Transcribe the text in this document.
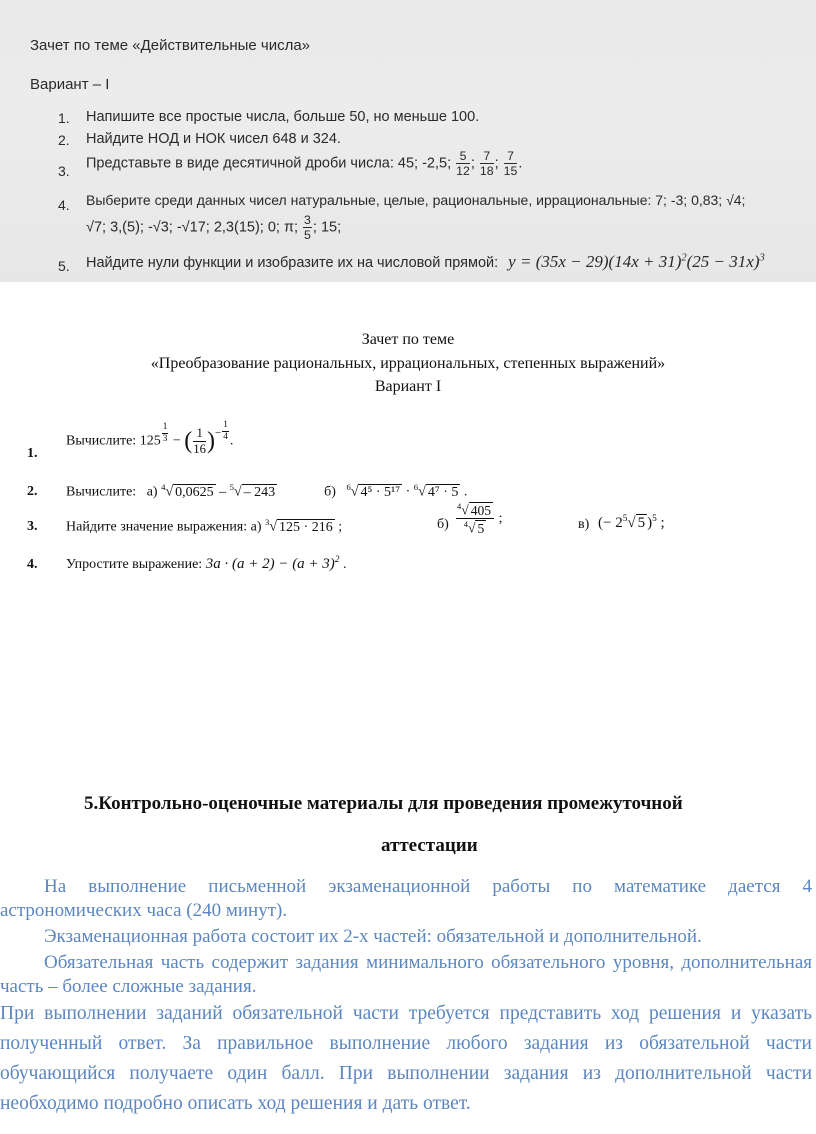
Зачет по теме «Действительные числа»
Вариант – I
1. Напишите все простые числа, больше 50, но меньше 100.
2. Найдите НОД и НОК чисел 648 и 324.
3. Представьте в виде десятичной дроби числа: 45; -2,5; $\frac{5}{12}$ ; $\frac{7}{18}$ ; $\frac{7}{15}$ .
4. Выберите среди данных чисел натуральные, целые, рациональные, иррациональные: 7; -3; 0,83; √4;
√7; 3,(5); -√3; -√17; 2,3(15); 0; π; $\frac{3}{5}$ ; 15;
5. Найдите нули функции и изобразите их на числовой прямой: $y = (35x - 29)(14x + 31)^2(25 - 31x)^3$
Зачет по теме
«Преобразование рациональных, иррациональных, степенных выражений»
Вариант I
1.
Вычислите: $125 \frac{1}{3}$ − ( $\frac{1}{16} )^- \frac{1}{4}$ .
2. Вычислите: а) $^4$√ 0,0625 – $^5$√ – 243	б) $^6$√ 4⁵ · 5¹⁷ · $^6$√ 4⁷ · 5 .
3. Найдите значение выражения: а) $^3$√ 125 · 216 ;	$б) \frac{^4√ 405}{^4√ 5}$ ;	в) (− $2^5√$ 5 )$^5$ ;
4. Упростите выражение: $3a \cdot (a + 2) - (a + 3)^2$ .
5.Контрольно-оценочные материалы для проведения промежуточной
аттестации
На выполнение письменной экзаменационной работы по математике дается 4 астрономических часа (240 минут).
Экзаменационная работа состоит их 2-х частей: обязательной и дополнительной.
Обязательная часть содержит задания минимального обязательного уровня, дополнительная часть – более сложные задания.
При выполнении заданий обязательной части требуется представить ход решения и указать полученный ответ. За правильное выполнение любого задания из обязательной части обучающийся получаете один балл. При выполнении задания из дополнительной части необходимо подробно описать ход решения и дать ответ.
